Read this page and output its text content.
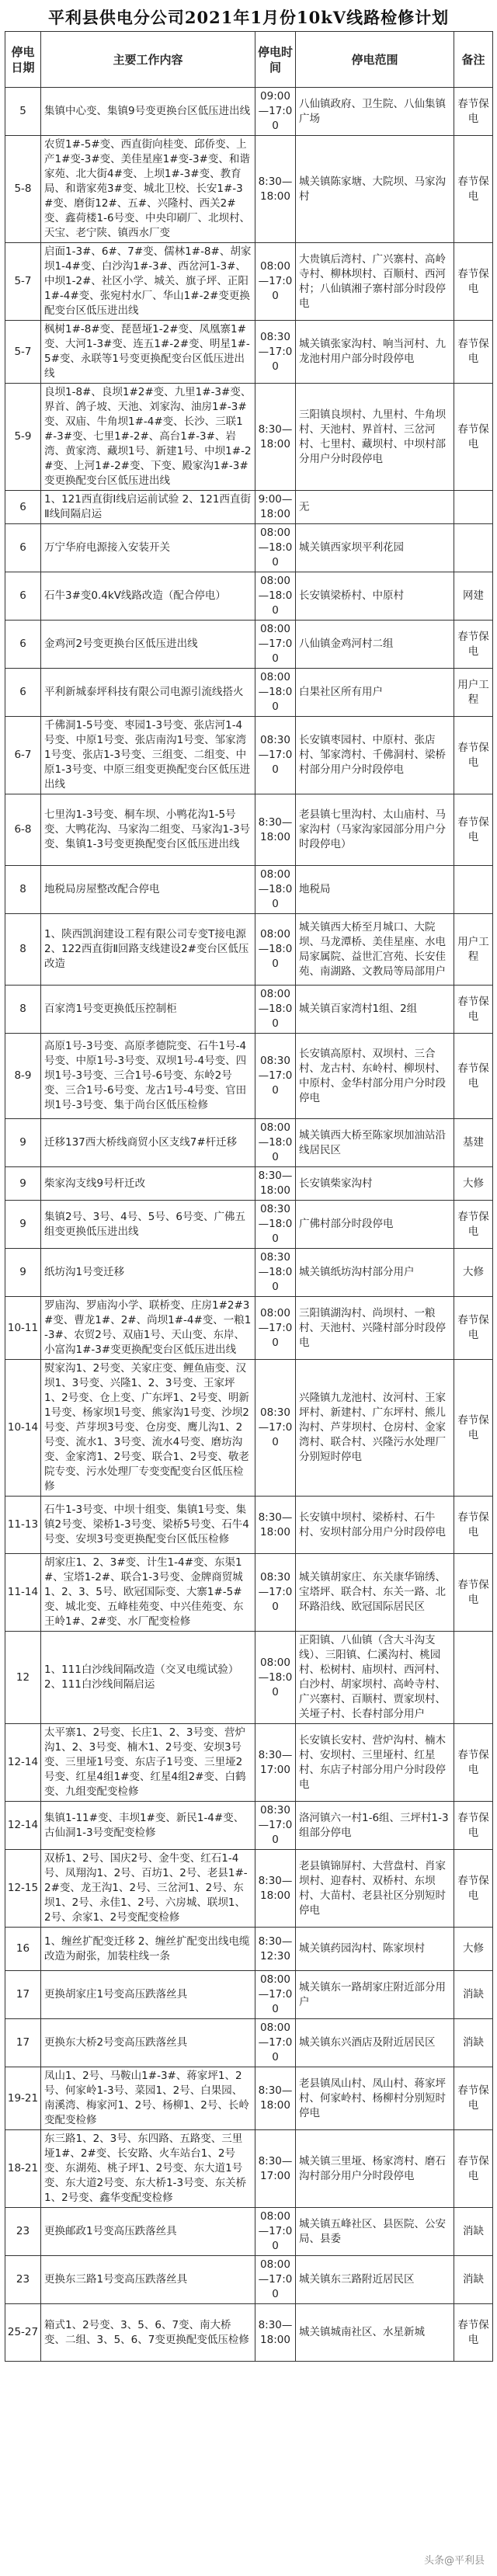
平利县供电分公司2021年1月份10kV线路检修计划
停电日期	主要工作内容	停电时间	停电范围	备注
5	集镇中心变、集镇9号变更换台区低压进出线	09:00—17:00	八仙镇政府、卫生院、八仙集镇广场	春节保电
5-8	农贸1#-5#变、西直街向桂变、邱侨变、上产1#变-3#变、美佳星座1#变-3#变、和谐家苑、北大街4#变、上坝1#-3#变、教育局、和谐家苑3#变、城北卫校、长安1#-3#变、磨街12#、五#、兴隆村、西关2#变、鑫荷楼1-6号变、中央印刷厂、北坝村、天宝、老宁陕、镇西水厂变	8:30—18:00	城关镇陈家塘、大院坝、马家沟村	春节保电
5-7	启面1-3#、6#、7#变、儒林1#-8#、胡家坝1-4#变、白沙沟1#-3#、西岔河1-3#、中坝1-2#、社区小学、城关、旗子坪、正阳1#-4#变、张宛村水厂、华山1#-2#变更换配变台区低压进出线	08:00—17:00	大贵镇后湾村、广兴寨村、高岭寺村、柳林坝村、百顺村、西河村；八仙镇湘子寨村部分时段停电	春节保电
5-7	枫树1#-8#变、琵琶垭1-2#变、凤凰寨1#变、大河1-3#变、连五1#-2#变、明星1#-5#变、永联等1号变更换配变台区低压进出线	08:30—17:00	城关镇张家沟村、响当河村、九龙池村用户部分时段停电	春节保电
5-9	良坝1-8#、良坝1#2#变、九里1#-3#变、界首、鸽子坡、天池、刘家沟、油房1#-3#变、双庙、牛角坝1#-4#变、长沙、三联1#-3#变、七里1#-2#、高台1#-3#、岩湾、黄家湾、藏坝1号、新建1号、中坝1#-2#变、上河1#-2#变、下变、殿家沟1#-3#变更换配变台区低压进出线	8:30—18:00	三阳镇良坝村、九里村、牛角坝村、天池村、界首村、三岔河村、七里村、藏坝村、中坝村部分用户分时段停电	春节保电
6	1、121西直街Ⅰ线启运前试验 2、121西直街Ⅱ线间隔启运	9:00—18:00	无	
6	万宁华府电源接入安装开关	08:00—18:00	城关镇西家坝平利花园	
6	石牛3#变0.4kV线路改造（配合停电）	08:00—18:00	长安镇梁桥村、中原村	网建
6	金鸡河2号变更换台区低压进出线	08:00—17:00	八仙镇金鸡河村二组	春节保电
6	平利新城泰坪科技有限公司电源引流线搭火	08:00—18:00	白果社区所有用户	用户工程
6-7	千佛洞1-5号变、枣园1-3号变、张店河1-4号变、中原1号变、张店南沟1号变、邹家湾1号变、张店1-3号变、三组变、二组变、中原1-3号变、中原三组变更换配变台区低压进出线	08:30—17:00	长安镇枣园村、中原村、张店村、邹家湾村、千佛洞村、梁桥村部分用户分时段停电	春节保电
6-8	七里沟1-3号变、桐车坝、小鸭花沟1-5号变、大鸭花沟、马家沟二组变、马家沟1-3号变、集镇1-3号变更换配变台区低压进出线	8:30—18:00	老县镇七里沟村、太山庙村、马家沟村（马家沟家园部分用户分时段停电）	春节保电
8	地税局房屋整改配合停电	08:00—18:00	地税局	
8	1、陕西凯润建设工程有限公司专变T接电源 2、122西直街Ⅱ回路支线建设2#变台区低压改造	08:00—18:00	城关镇西大桥至月城口、大院坝、马龙潭桥、美佳星座、水电局家属院、益世汇宫苑、长安佳苑、南湖路、文教局等局部用户	用户工程
8	百家湾1号变更换低压控制柜	08:00—18:00	城关镇百家湾村1组、2组	春节保电
8-9	高原1号-3号变、高原孝德院变、石牛1号-4号变、中原1号-3号变、双坝1号-4号变、四坝1号-3号变、三合1号-6号变、东岭2号变、三合1号-6号变、龙古1号-4号变、官田坝1号-3号变、集于尚台区低压检修	08:30—17:00	长安镇高原村、双坝村、三合村、龙古村、东岭村、柳坝村、中原村、金华村部分用户分时段停电	春节保电
9	迁移137西大桥线商贸小区支线7#杆迁移	08:00—18:00	城关镇西大桥至陈家坝加油站沿线居民区	基建
9	柴家沟支线9号杆迁改	8:30—18:00	长安镇柴家沟村	大修
9	集镇2号、3号、4号、5号、6号变、广佛五组变更换低压进出线	08:30—18:00	广佛村部分时段停电	春节保电
9	纸坊沟1号变迁移	08:30—18:00	城关镇纸坊沟村部分用户	大修
10-11	罗庙沟、罗庙沟小学、联桥变、庄房1#2#3#变、曹龙1#、2#、尚坝1#-4#变、一粮1-3#、农贸2号、双庙1号、天山变、东岸、小富沟1#-3#变更换配变台区低压进出线	08:00—17:00	三阳镇湖沟村、尚坝村、一粮村、天池村、兴隆村部分时段停电	春节保电
10-14	熨家沟1、2号变、关家庄变、鲤鱼庙变、汉坝1、3号变、兴隆1、2、3号变、王家坪1、2号变、仓上变、广东坪1、2号变、明新1号变、杨家坝1号变、熊家沟1号变、沙坝2号变、芦芽坝3号变、仓房变、鹰儿沟1、2号变、流水1、3号变、流水4号变、磨坊沟变、金家湾1、2号变、联合1、2号变、敬老院专变、污水处理厂专变变配变台区低压检修	08:30—17:00	兴隆镇九龙池村、汝河村、王家坪村、新建村、广东坪村、熊儿沟村、芦芽坝村、仓房村、金家湾村、联合村、兴隆污水处理厂分别短时停电	春节保电
11-13	石牛1-3号变、中坝十组变、集镇1号变、集镇2号变、梁桥1-3号变、梁桥5号变、石牛4号变、安坝3号变更换配变台区低压检修	8:30—18:00	长安镇中坝村、梁桥村、石牛村、安坝村部分用户分时段停电	春节保电
11-14	胡家庄1、2、3#变、计生1-4#变、东渠1#、宝塔1-2#、联合1-3号变、金牌商贸城1、2、3、5号、欧冠国际变、大寨1#-5#变、城北变、五峰桂苑变、中兴佳苑变、东王岭1#、2#变、水厂配变检修	08:30—17:00	城关镇胡家庄、东关康华锦绣、宝塔坪、联合村、东关一路、北环路沿线、欧冠国际居民区	春节保电
12	1、111白沙线间隔改造（交叉电缆试验） 2、111白沙线间隔启运	08:00—18:00	正阳镇、八仙镇（含大斗沟支线）、三阳镇、仁溪沟村、桃园村、松树村、庙坝村、西河村、白沙村、胡家坝村、高岭寺村、广兴寨村、百顺村、贾家坝村、关垭子村、长春村部分用户	
12-14	太平寨1、2号变、长庄1、2、3号变、营炉沟1、2、3号变、楠木1、2号变、安坝3号变、三里垭1号变、东店子1号变、三里垭2号变、红星4组1#变、红星4组2#变、白鹤变、九组变配变检修	8:30—17:00	长安镇长安村、营炉沟村、楠木村、安坝村、三里垭村、红星村、东店子村部分用户分时段停电	春节保电
12-14	集镇1-11#变、丰坝1#变、新民1-4#变、古仙洞1-3号变配变检修	08:30—17:00	洛河镇六一村1-6组、三坪村1-3组部分停电	春节保电
12-15	双桥1、2号、国庆2号、金牛变、红石1-4号、凤翔沟1、2号、百坊1、2号、老县1#-2#变、龙王沟1、2号、三岔河1、2号、东坝1、2号、永佳1、2号、六房城、联坝1、2号、余家1、2号变配变检修	8:30—18:00	老县镇锦屏村、大营盘村、肖家坝村、迎春村、双桥村、东坝村、大苗村、老县社区分别短时停电	春节保电
16	1、缠丝扩配变迁移 2、缠丝扩配变出线电缆改造为耐张，加装柱线一条	8:30—12:30	城关镇药园沟村、陈家坝村	大修
17	更换胡家庄1号变高压跌落丝具	08:00—17:00	城关镇东一路胡家庄附近部分用户	消缺
17	更换东大桥2号变高压跌落丝具	08:00—17:00	城关镇东兴酒店及附近居民区	消缺
19-21	凤山1、2号、马鞍山1#-3#、蒋家坪1、2号、何家岭1-3号、菜园1、2号、白果园、南溪湾、梅家河1、2号、杨柳1、2号、长岭变配变检修	8:30—18:00	老县镇凤山村、凤山村、蒋家坪村、何家岭村、杨柳村分别短时停电	春节保电
18-21	东三路1、2、3号、东四路、五路变、三里垭1#、2#变、长安路、火车站台1、2号变、东湖苑、桃子坪1、2号变、东大道1号变、东大道2号变、东大桥1-3号变、东关桥1、2号变、鑫华变配变检修	8:30—17:00	城关镇三里垭、杨家湾村、磨石沟村部分用户分时段停电	春节保电
23	更换邮政1号变高压跌落丝具	08:00—17:00	城关镇五峰社区、县医院、公安局、县委	消缺
23	更换东三路1号变高压跌落丝具	08:00—17:00	城关镇东三路附近居民区	消缺
25-27	箱式1、2号变、3、5、6、7变、南大桥变、二组、3、5、6、7变更换配变低压检修	8:30—18:00	城关镇城南社区、水星新城	春节保电
头条@平利县
